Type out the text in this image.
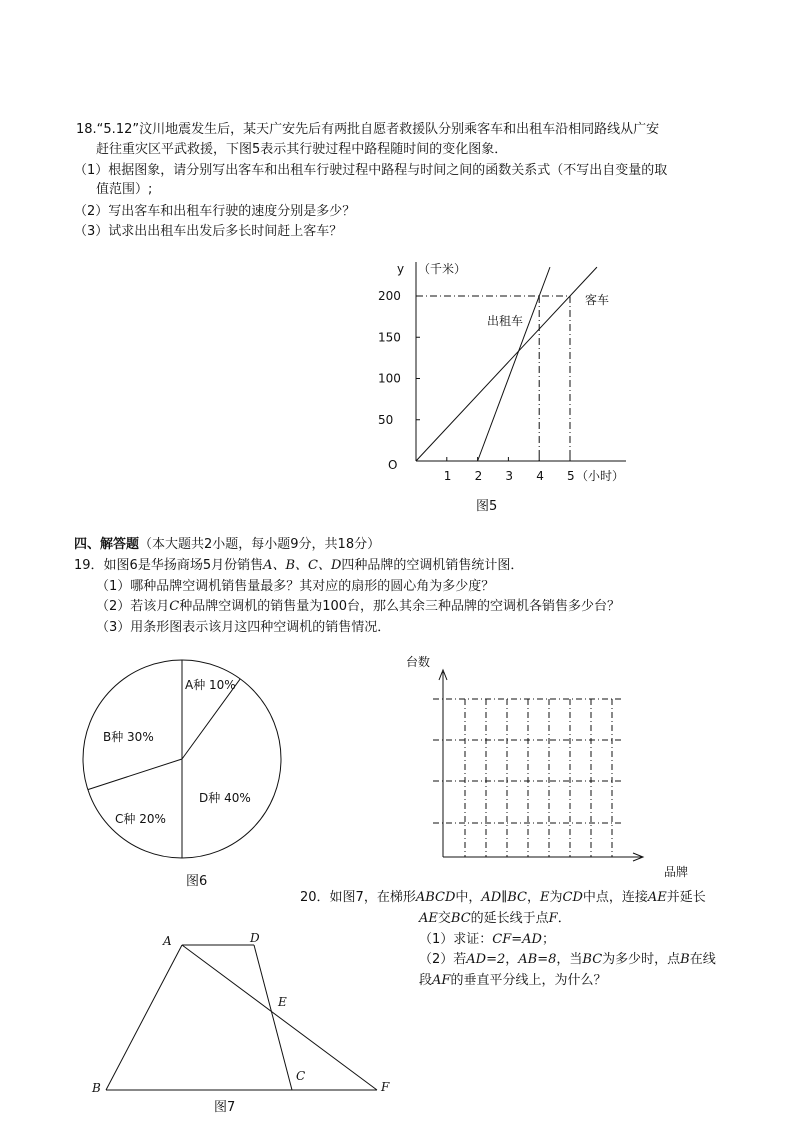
18.“5.12”汶川地震发生后，某天广安先后有两批自愿者救援队分别乘客车和出租车沿相同路线从广安
赶往重灾区平武救援，下图5表示其行驶过程中路程随时间的变化图象．
（1）根据图象，请分别写出客车和出租车行驶过程中路程与时间之间的函数关系式（不写出自变量的取
值范围）;
（2）写出客车和出租车行驶的速度分别是多少？
（3）试求出出租车出发后多长时间赶上客车？
1 2 3 4 5
50
100
150
200
y （千米）
（小时）
O
客车
出租车
图5
四、解答题（本大题共2小题，每小题9分，共18分）
19．如图6是华扬商场5月份销售A、B、C、D四种品牌的空调机销售统计图．
（1）哪种品牌空调机销售量最多？其对应的扇形的圆心角为多少度？
（2）若该月C种品牌空调机的销售量为100台，那么其余三种品牌的空调机各销售多少台？
（3）用条形图表示该月这四种空调机的销售情况．
A种 10%
B种 30%
C种 20%
D种 40%
台数
品牌
图6
20．如图7，在梯形ABCD中，AD∥BC，E为CD中点，连接AE并延长
AE交BC的延长线于点F．
（1）求证：CF=AD；
（2）若AD=2，AB=8，当BC为多少时，点B在线
段AF的垂直平分线上，为什么？
A	D
E
B
C
F
图7
